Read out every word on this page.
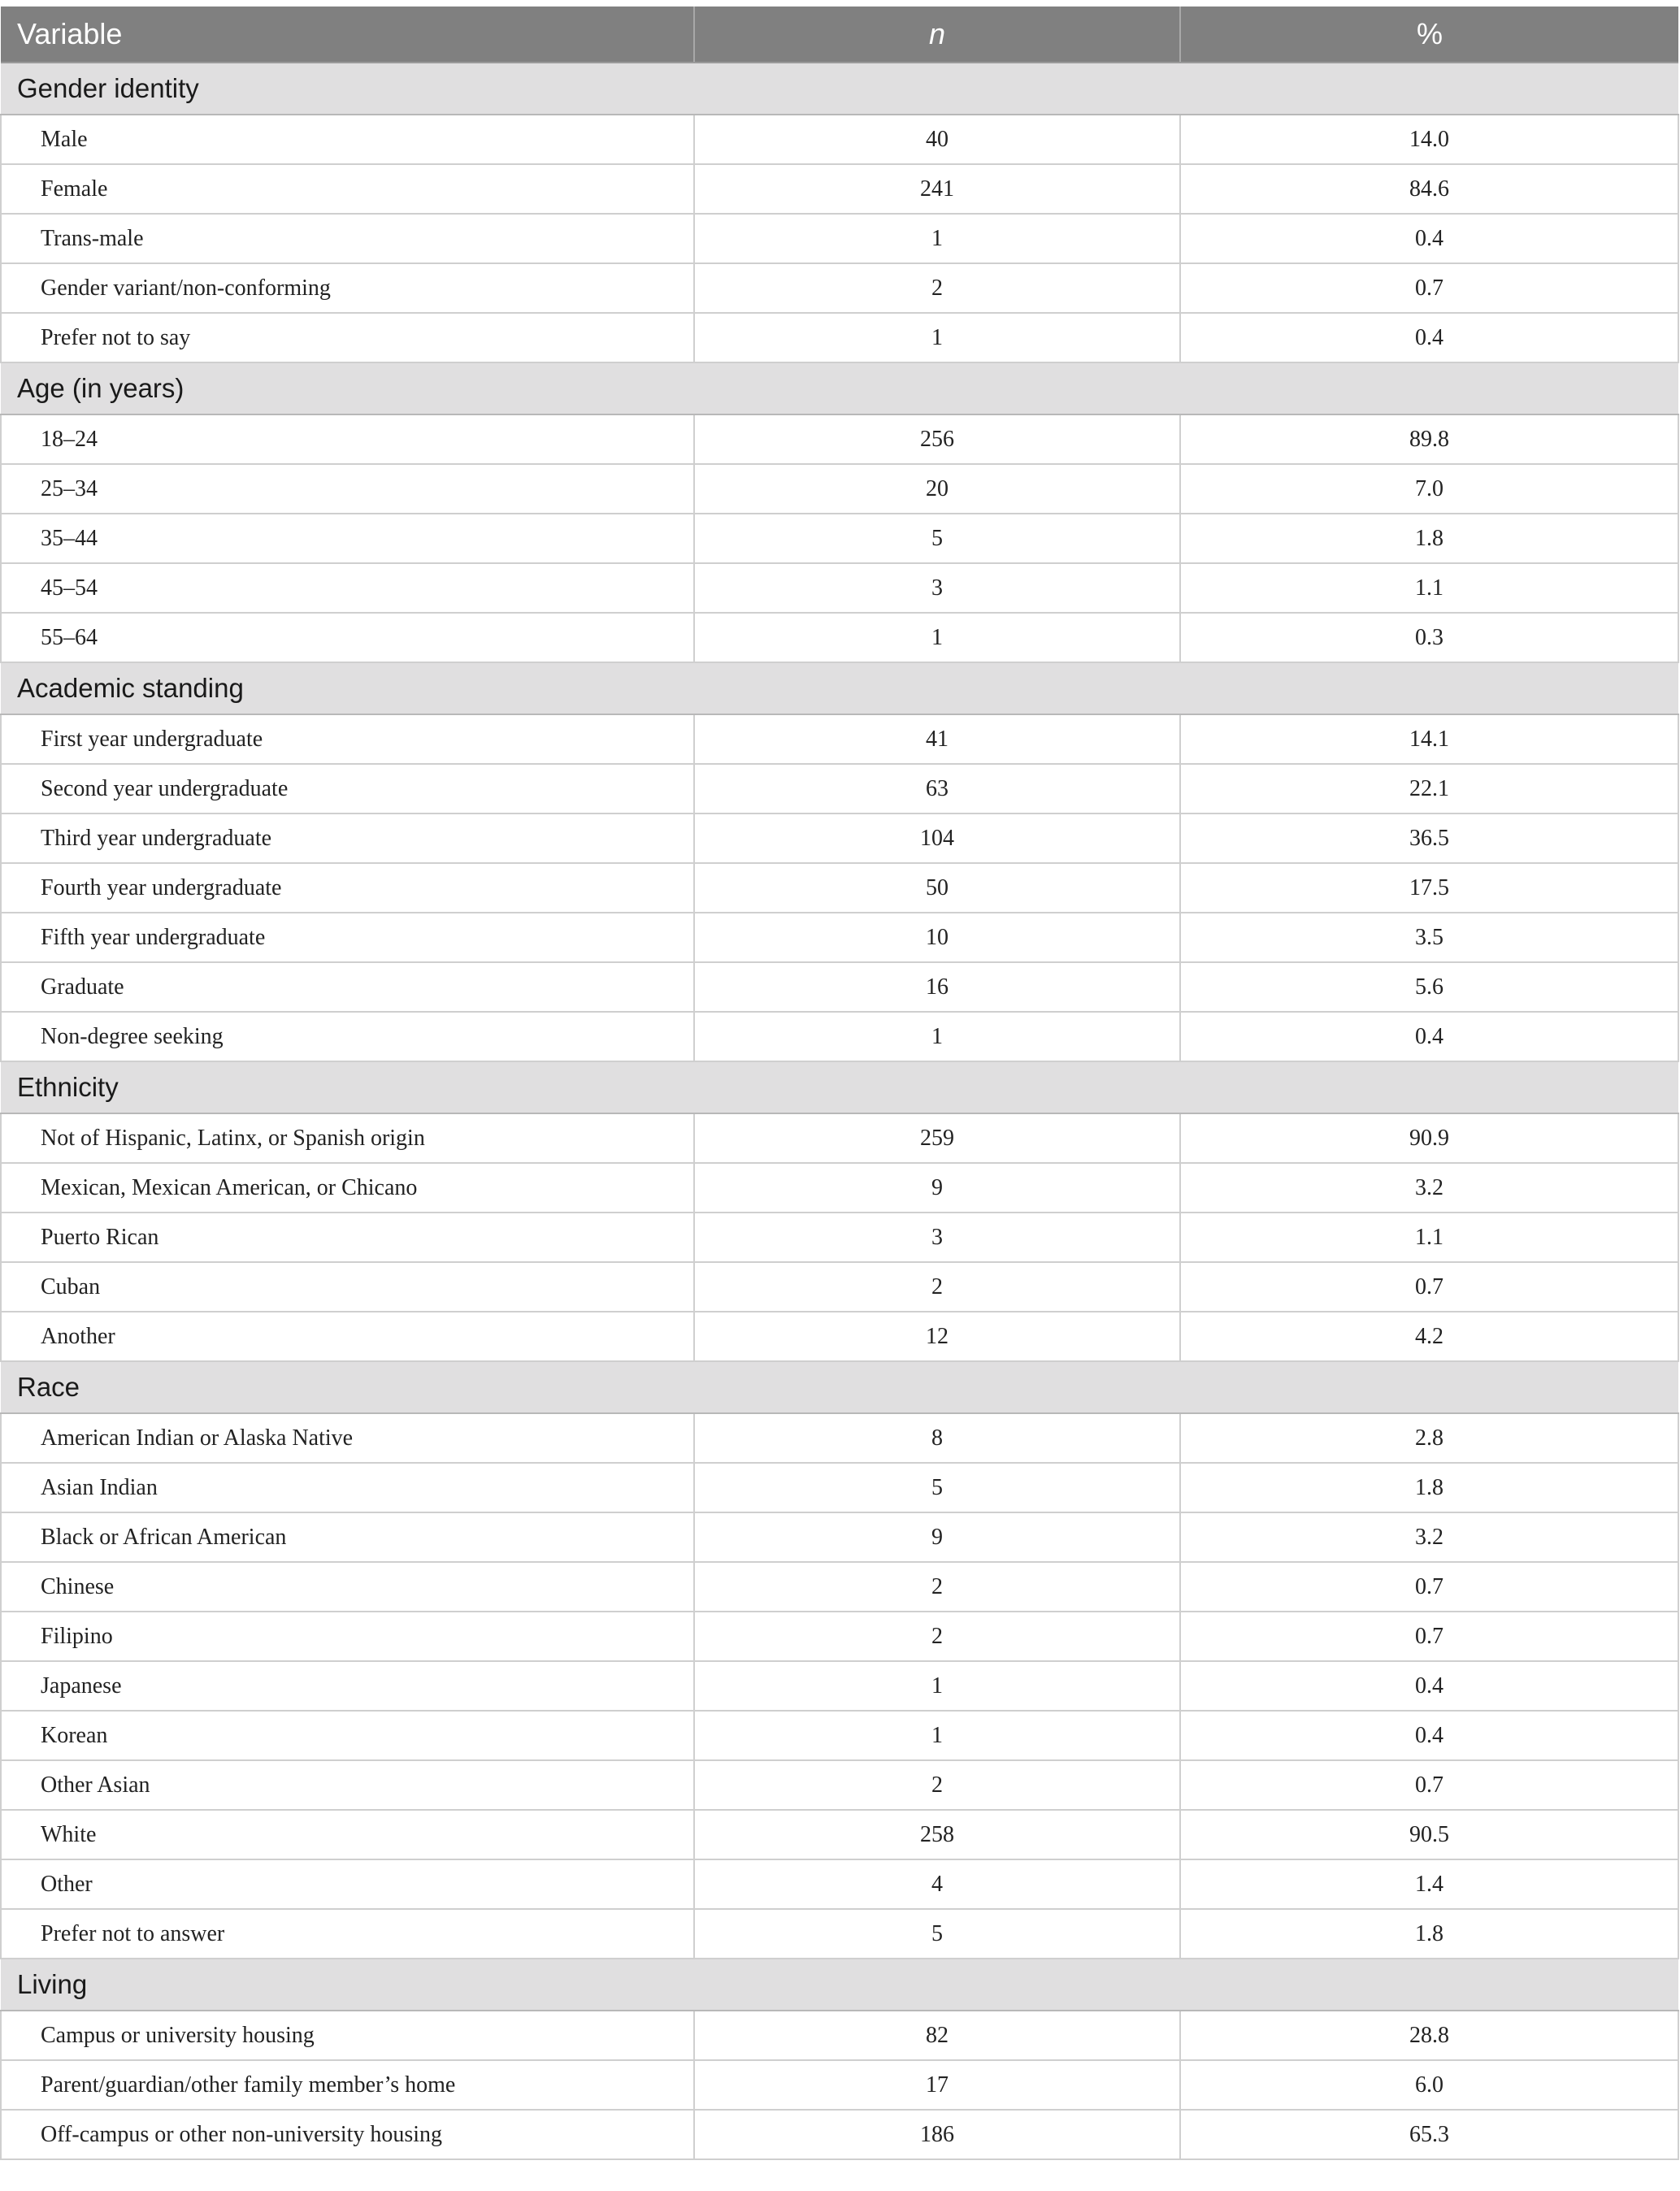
Variable	n	%
Gender identity		
Male	40	14.0
Female	241	84.6
Trans-male	1	0.4
Gender variant/non-conforming	2	0.7
Prefer not to say	1	0.4
Age (in years)		
18–24	256	89.8
25–34	20	7.0
35–44	5	1.8
45–54	3	1.1
55–64	1	0.3
Academic standing		
First year undergraduate	41	14.1
Second year undergraduate	63	22.1
Third year undergraduate	104	36.5
Fourth year undergraduate	50	17.5
Fifth year undergraduate	10	3.5
Graduate	16	5.6
Non-degree seeking	1	0.4
Ethnicity		
Not of Hispanic, Latinx, or Spanish origin	259	90.9
Mexican, Mexican American, or Chicano	9	3.2
Puerto Rican	3	1.1
Cuban	2	0.7
Another	12	4.2
Race		
American Indian or Alaska Native	8	2.8
Asian Indian	5	1.8
Black or African American	9	3.2
Chinese	2	0.7
Filipino	2	0.7
Japanese	1	0.4
Korean	1	0.4
Other Asian	2	0.7
White	258	90.5
Other	4	1.4
Prefer not to answer	5	1.8
Living		
Campus or university housing	82	28.8
Parent/guardian/other family member’s home	17	6.0
Off-campus or other non-university housing	186	65.3
